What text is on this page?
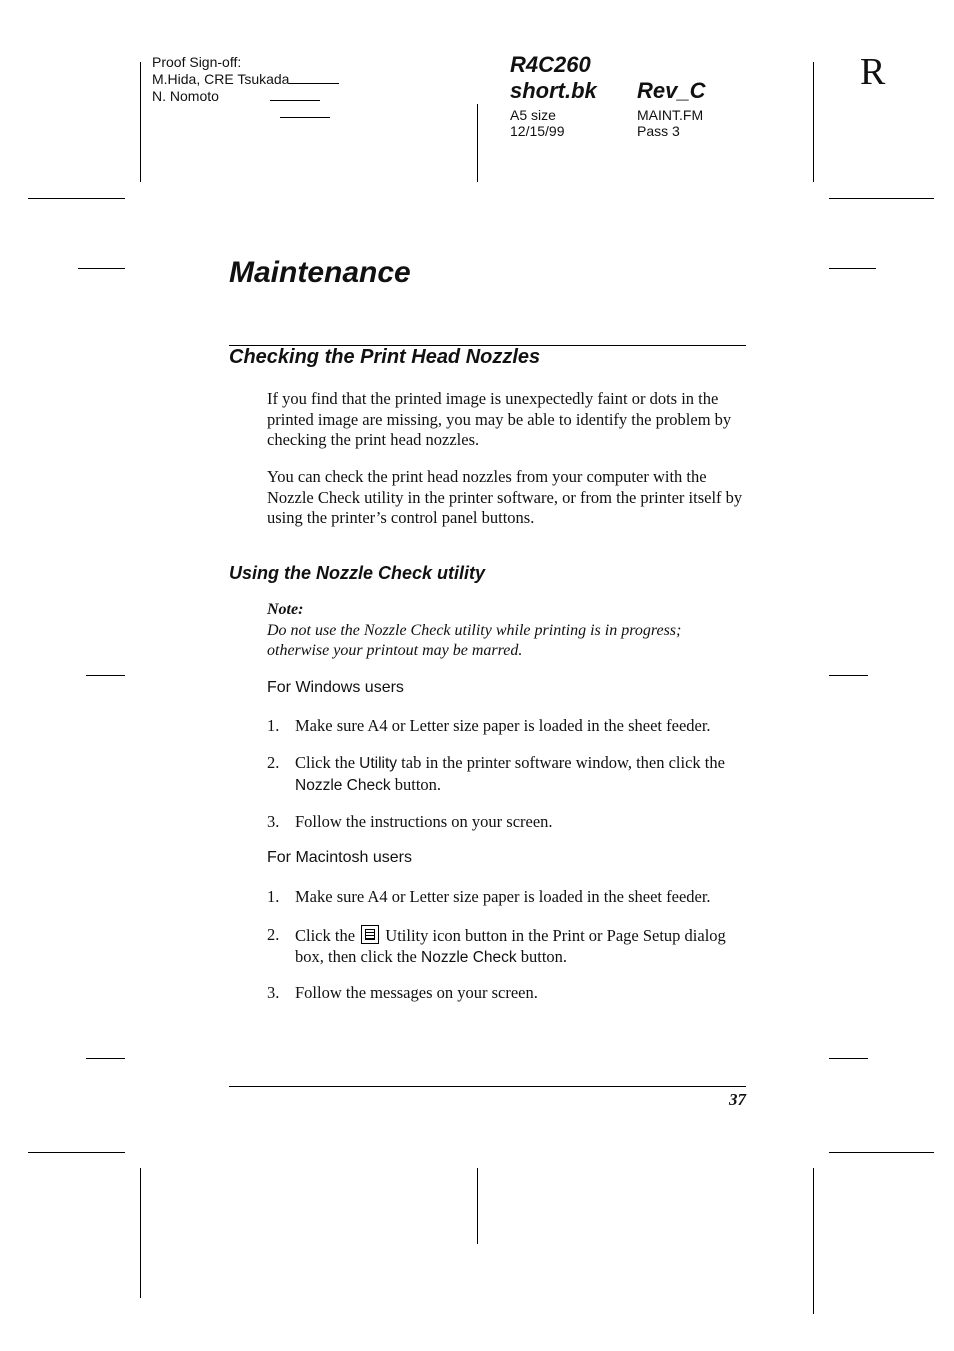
Proof Sign-off:
M.Hida, CRE Tsukada
N. Nomoto
R4C260
short.bk Rev_C
A5 size
12/15/99
MAINT.FM
Pass 3
R
Maintenance
Checking the Print Head Nozzles
If you find that the printed image is unexpectedly faint or dots in the printed image are missing, you may be able to identify the problem by checking the print head nozzles.
You can check the print head nozzles from your computer with the Nozzle Check utility in the printer software, or from the printer itself by using the printer’s control panel buttons.
Using the Nozzle Check utility
Note:
Do not use the Nozzle Check utility while printing is in progress; otherwise your printout may be marred.
For Windows users
1. Make sure A4 or Letter size paper is loaded in the sheet feeder.
2. Click the Utility tab in the printer software window, then click the Nozzle Check button.
3. Follow the instructions on your screen.
For Macintosh users
1. Make sure A4 or Letter size paper is loaded in the sheet feeder.
2. Click the  Utility icon button in the Print or Page Setup dialog box, then click the Nozzle Check button.
3. Follow the messages on your screen.
37
